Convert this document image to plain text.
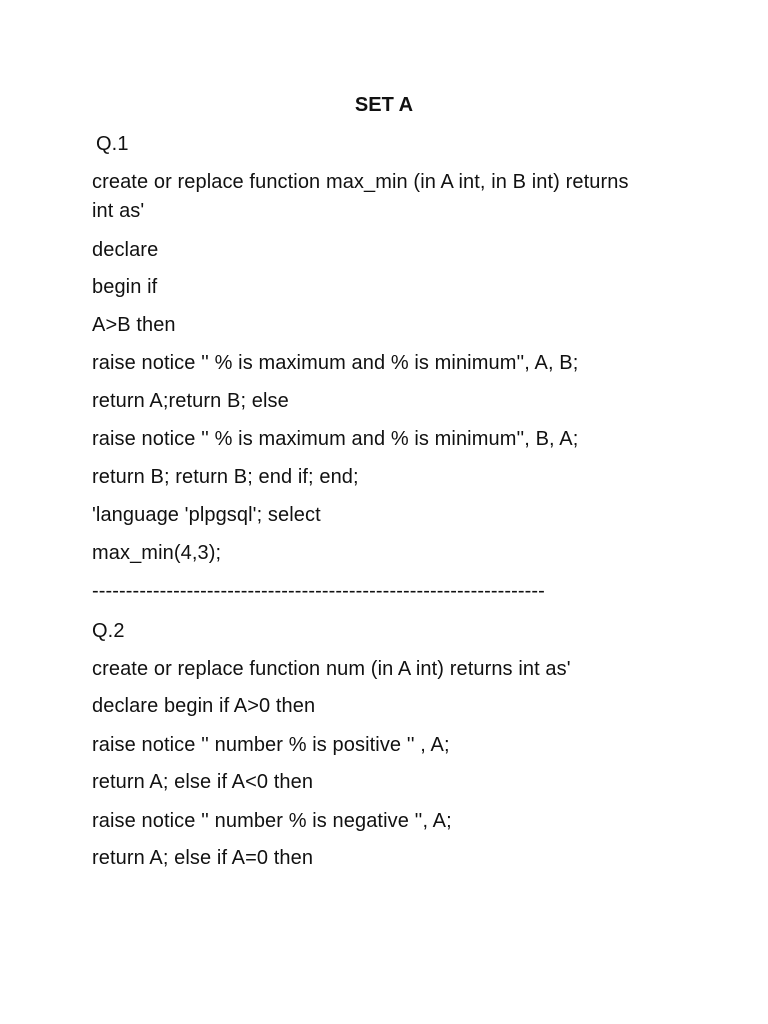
SET A
Q.1
create or replace function max_min (in A int, in B int) returns
int as'
declare
begin if
A>B then
raise notice '' % is maximum and % is minimum'', A, B;
return A;return B; else
raise notice '' % is maximum and % is minimum'', B, A;
return B; return B; end if; end;
'language 'plpgsql'; select
max_min(4,3);
-------------------------------------------------------------------
Q.2
create or replace function num (in A int) returns int as'
declare begin if A>0 then
raise notice '' number % is positive '' , A;
return A; else if A<0 then
raise notice '' number % is negative '', A;
return A; else if A=0 then
